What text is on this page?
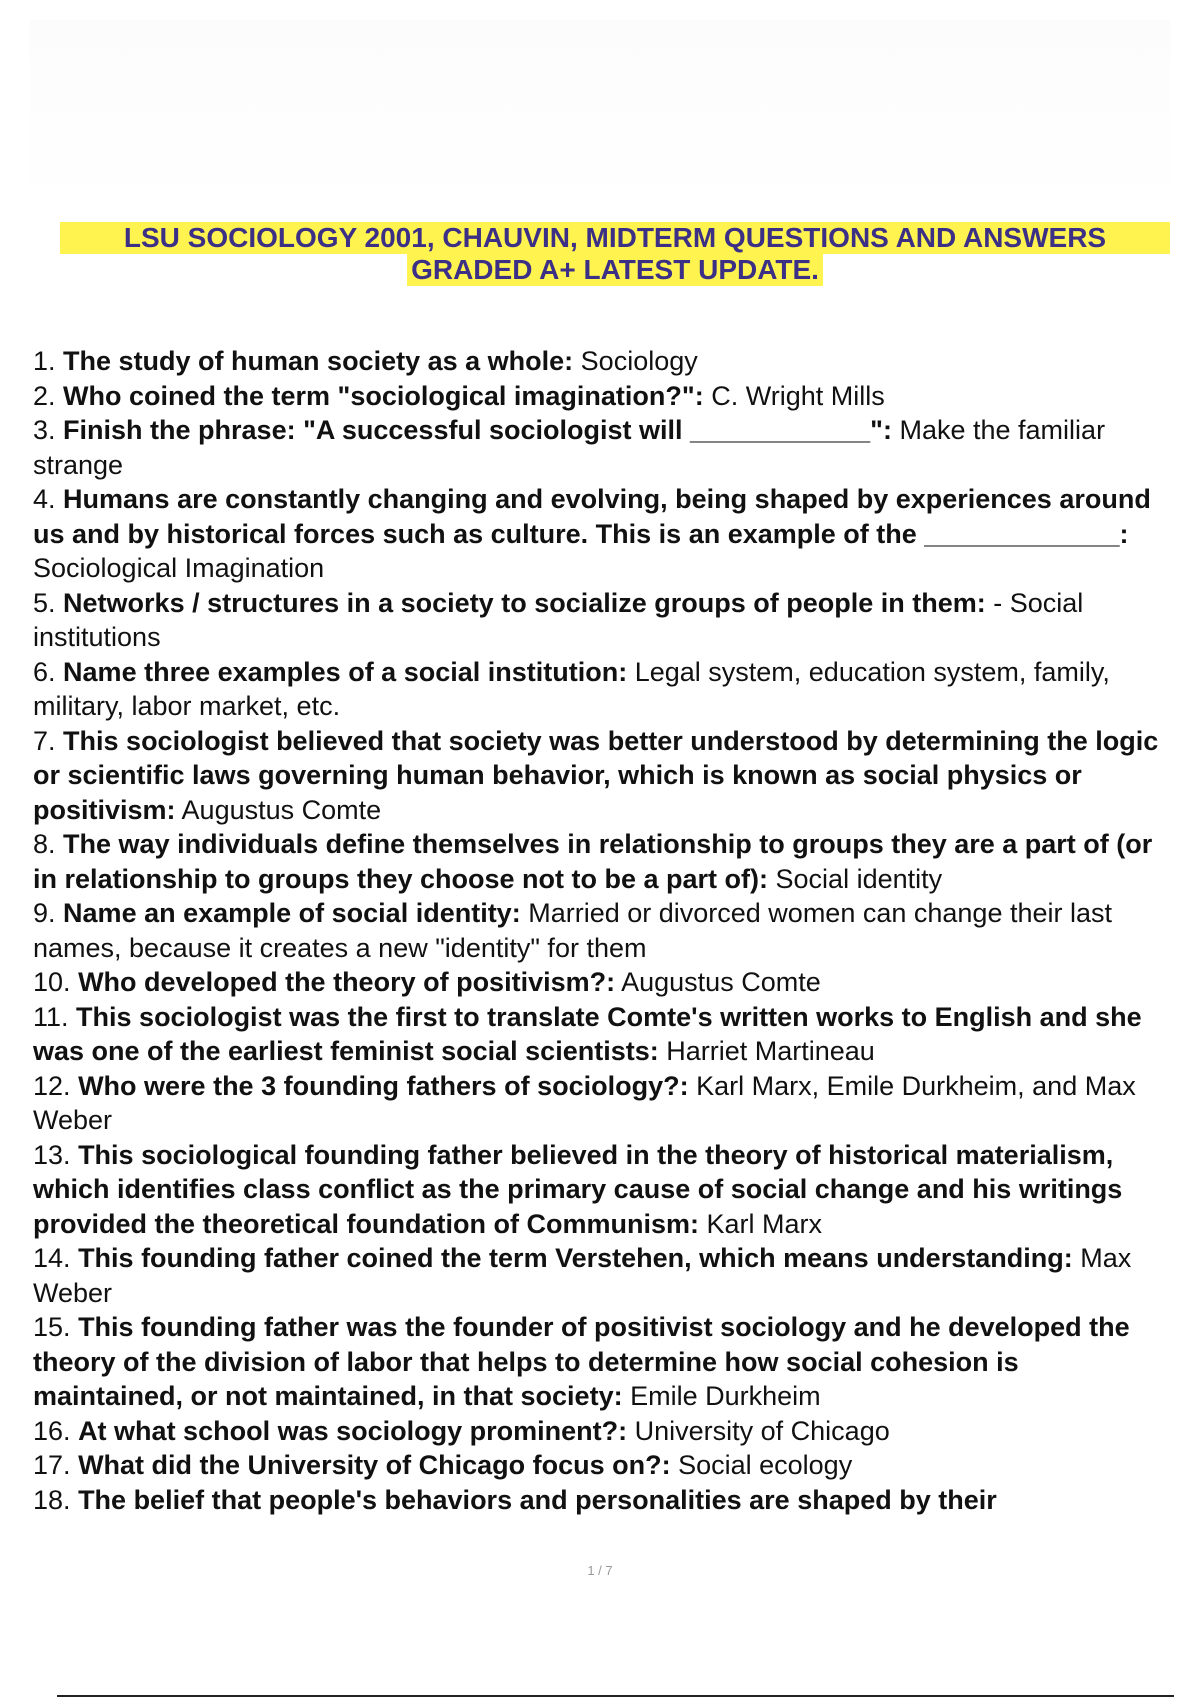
LSU SOCIOLOGY 2001, CHAUVIN, MIDTERM QUESTIONS AND ANSWERS
GRADED A+ LATEST UPDATE.
1. The study of human society as a whole: Sociology
2. Who coined the term "sociological imagination?": C. Wright Mills
3. Finish the phrase: "A successful sociologist will ____________": Make the familiar strange
4. Humans are constantly changing and evolving, being shaped by experiences around us and by historical forces such as culture. This is an example of the _____________: Sociological Imagination
5. Networks / structures in a society to socialize groups of people in them: - Social institutions
6. Name three examples of a social institution: Legal system, education system, family, military, labor market, etc.
7. This sociologist believed that society was better understood by determining the logic or scientific laws governing human behavior, which is known as social physics or positivism: Augustus Comte
8. The way individuals define themselves in relationship to groups they are a part of (or in relationship to groups they choose not to be a part of): Social identity
9. Name an example of social identity: Married or divorced women can change their last names, because it creates a new "identity" for them
10. Who developed the theory of positivism?: Augustus Comte
11. This sociologist was the first to translate Comte's written works to English and she was one of the earliest feminist social scientists: Harriet Martineau
12. Who were the 3 founding fathers of sociology?: Karl Marx, Emile Durkheim, and Max Weber
13. This sociological founding father believed in the theory of historical materialism, which identifies class conflict as the primary cause of social change and his writings provided the theoretical foundation of Communism: Karl Marx
14. This founding father coined the term Verstehen, which means understanding: Max Weber
15. This founding father was the founder of positivist sociology and he developed the theory of the division of labor that helps to determine how social cohesion is maintained, or not maintained, in that society: Emile Durkheim
16. At what school was sociology prominent?: University of Chicago
17. What did the University of Chicago focus on?: Social ecology
18. The belief that people's behaviors and personalities are shaped by their
1 / 7
